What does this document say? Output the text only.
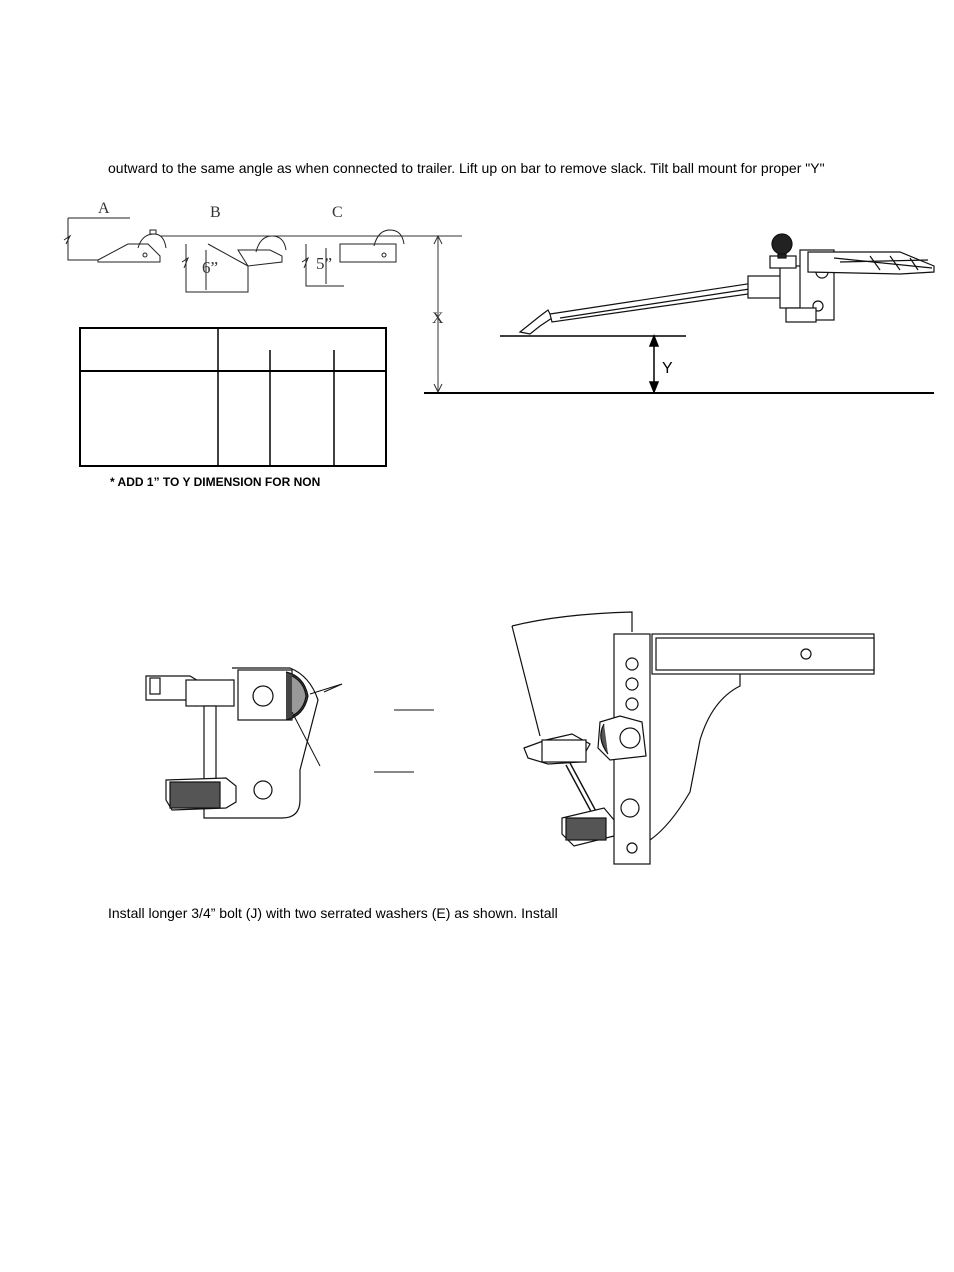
outward to the same angle as when connected to trailer. Lift up on bar to remove slack. Tilt ball mount for proper "Y"
A	B	C
6”	5”
X
Y
* ADD 1” TO Y DIMENSION FOR NON
Install longer 3/4” bolt (J) with two serrated washers (E) as shown. Install
